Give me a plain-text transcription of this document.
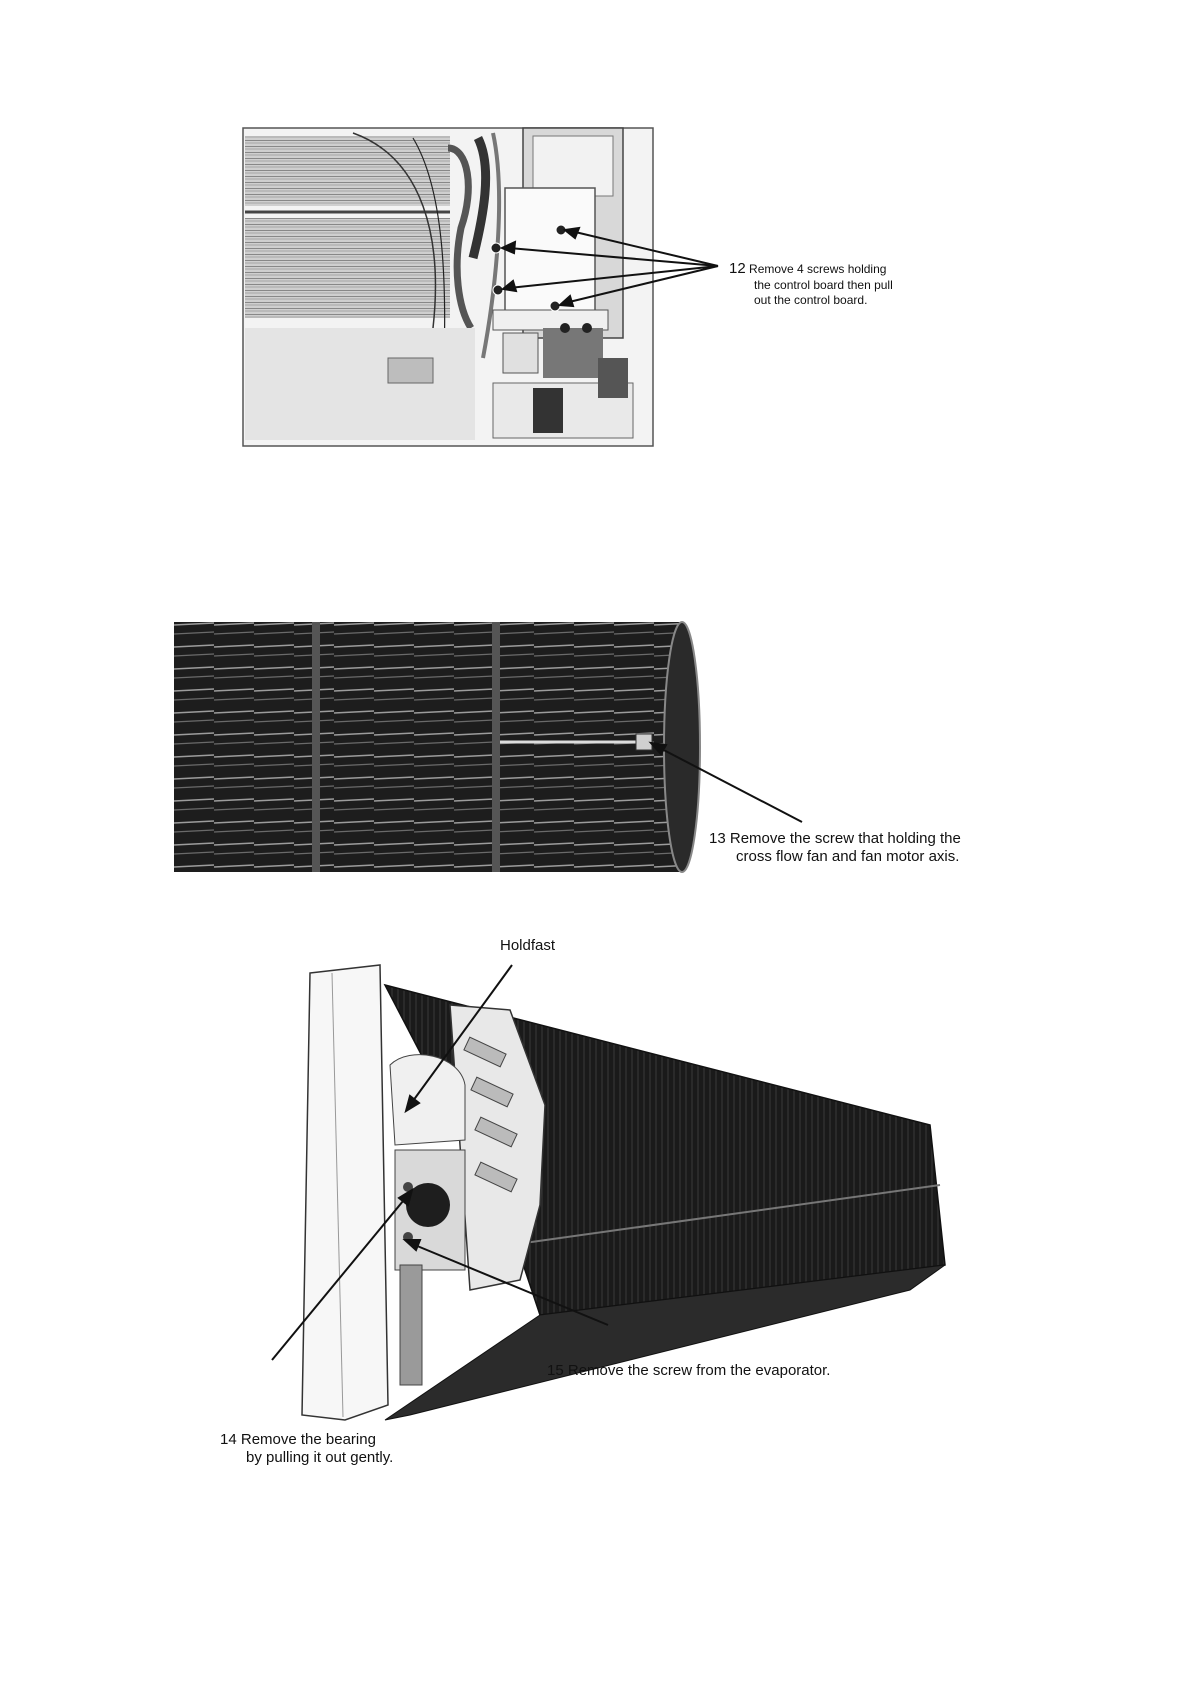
12 Remove 4 screws holding
the control board then pull
out the control board.
13 Remove the screw that holding the
cross flow fan and fan motor axis.
Holdfast
15 Remove the screw from the evaporator.
14 Remove the bearing
by pulling it out gently.
